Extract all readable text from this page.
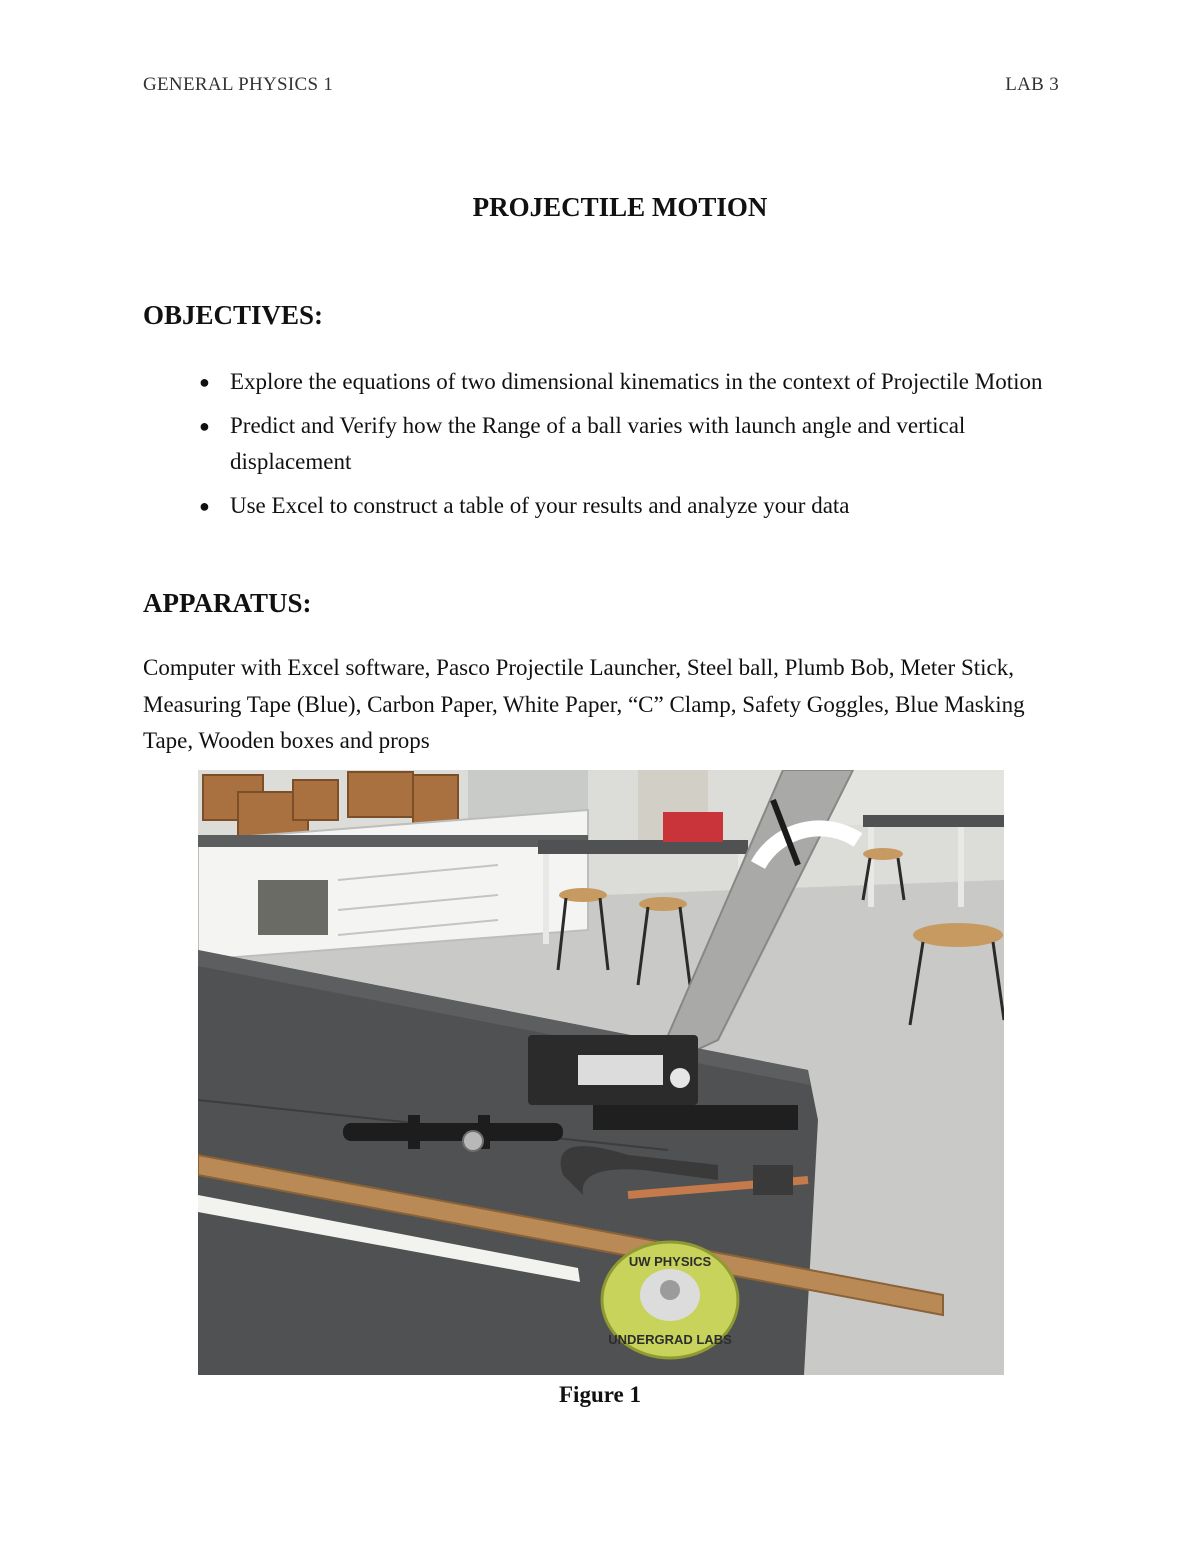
GENERAL PHYSICS 1	LAB 3
PROJECTILE MOTION
OBJECTIVES:
● Explore the equations of two dimensional kinematics in the context of Projectile Motion
● Predict and Verify how the Range of a ball varies with launch angle and vertical displacement
● Use Excel to construct a table of your results and analyze your data
APPARATUS:
Computer with Excel software, Pasco Projectile Launcher, Steel ball, Plumb Bob, Meter Stick, Measuring Tape (Blue), Carbon Paper, White Paper, “C” Clamp, Safety Goggles, Blue Masking Tape, Wooden boxes and props
UW PHYSICS
UNDERGRAD LABS
Figure 1
